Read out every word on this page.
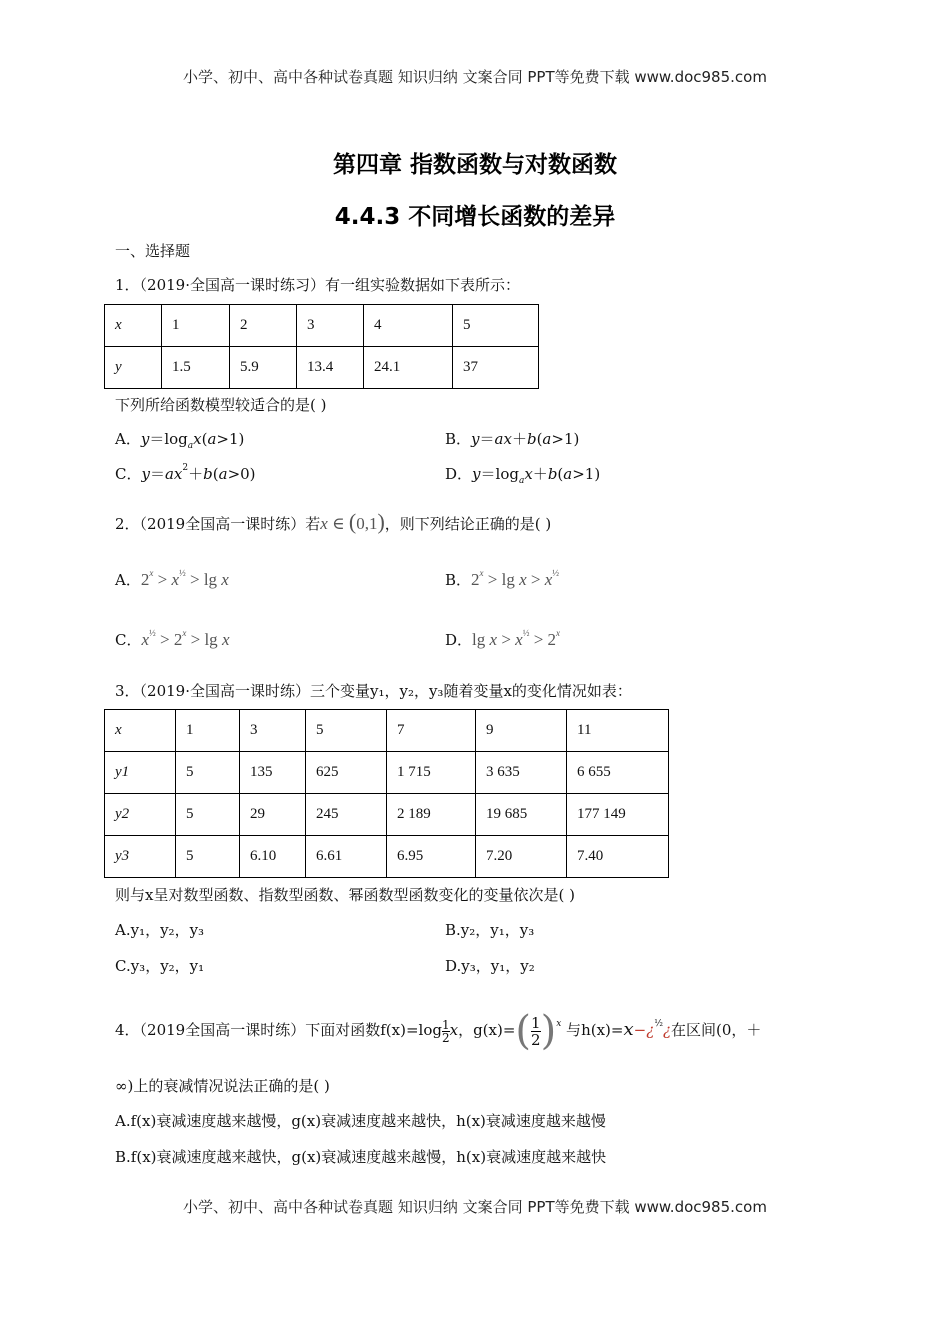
小学、初中、高中各种试卷真题 知识归纳 文案合同 PPT等免费下载 www.doc985.com
小学、初中、高中各种试卷真题 知识归纳 文案合同 PPT等免费下载 www.doc985.com
第四章 指数函数与对数函数
4.4.3 不同增长函数的差异
一、选择题
1．（2019·全国高一课时练习）有一组实验数据如下表所示：
x	1	2	3	4	5
y	1.5	5.9	13.4	24.1	37
下列所给函数模型较适合的是( )
A．$y=\log_ax(a>1)$	B．y＝ax＋b(a>1)
C．$y=ax^2+b(a>0)$	D．$y=\log_ax+b(a>1)$
2．（2019全国高一课时练）若x ∈ (0,1)，则下列结论正确的是( )
A．$2^x > x^{\frac{1}{2}} > \lg x$	B．$2^x > \lg x > x^{\frac{1}{2}}$
C．$x^{\frac{1}{2}} > 2^x > \lg x$	D．$\lg x > x^{\frac{1}{2}} > 2^x$
3．（2019·全国高一课时练）三个变量y₁，y₂，y₃随着变量x的变化情况如表：
x	1	3	5	7	9	11
y1	5	135	625	1 715	3 635	6 655
y2	5	29	245	2 189	19 685	177 149
y3	5	6.10	6.61	6.95	7.20	7.40
则与x呈对数型函数、指数型函数、幂函数型函数变化的变量依次是( )
A.y₁，y₂，y₃	B.y₂，y₁，y₃
C.y₃，y₂，y₁	D.y₃，y₁，y₂
4．（2019全国高一课时练）下面对函数$f(x)=\log \frac{1}{2}$ x，$g(x)=( \frac{1}{2} )^x$ 与h(x)=x−¿$^{\frac{1}{2}}$¿在区间(0，＋
∞)上的衰减情况说法正确的是( )
A.f(x)衰减速度越来越慢，g(x)衰减速度越来越快，h(x)衰减速度越来越慢
B.f(x)衰减速度越来越快，g(x)衰减速度越来越慢，h(x)衰减速度越来越快
